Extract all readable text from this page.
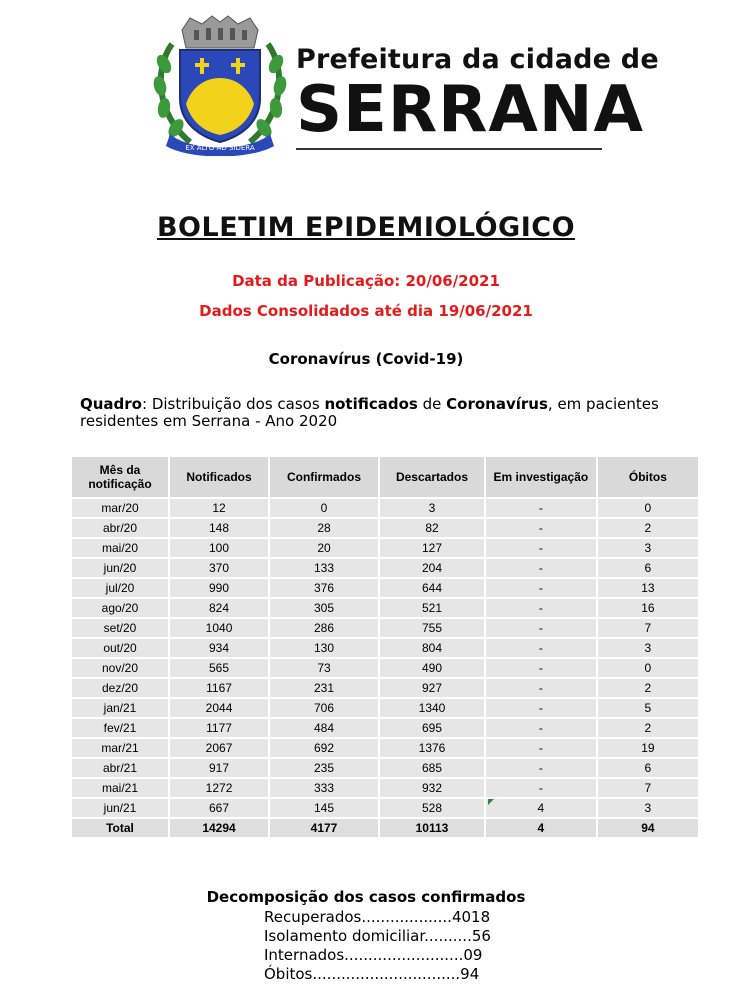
EX ALTO AD SIDERA
Prefeitura da cidade de
SERRANA
BOLETIM EPIDEMIOLÓGICO
Data da Publicação: 20/06/2021
Dados Consolidados até dia 19/06/2021
Coronavírus (Covid-19)
Quadro: Distribuição dos casos notificados de Coronavírus, em pacientes residentes em Serrana - Ano 2020
Mês da notificação	Notificados	Confirmados	Descartados	Em investigação	Óbitos
mar/20	12	0	3	-	0
abr/20	148	28	82	-	2
mai/20	100	20	127	-	3
jun/20	370	133	204	-	6
jul/20	990	376	644	-	13
ago/20	824	305	521	-	16
set/20	1040	286	755	-	7
out/20	934	130	804	-	3
nov/20	565	73	490	-	0
dez/20	1167	231	927	-	2
jan/21	2044	706	1340	-	5
fev/21	1177	484	695	-	2
mar/21	2067	692	1376	-	19
abr/21	917	235	685	-	6
mai/21	1272	333	932	-	7
jun/21	667	145	528	4	3
Total	14294	4177	10113	4	94
Decomposição dos casos confirmados
Recuperados...................4018
Isolamento domiciliar..........56
Internados.........................09
Óbitos...............................94
